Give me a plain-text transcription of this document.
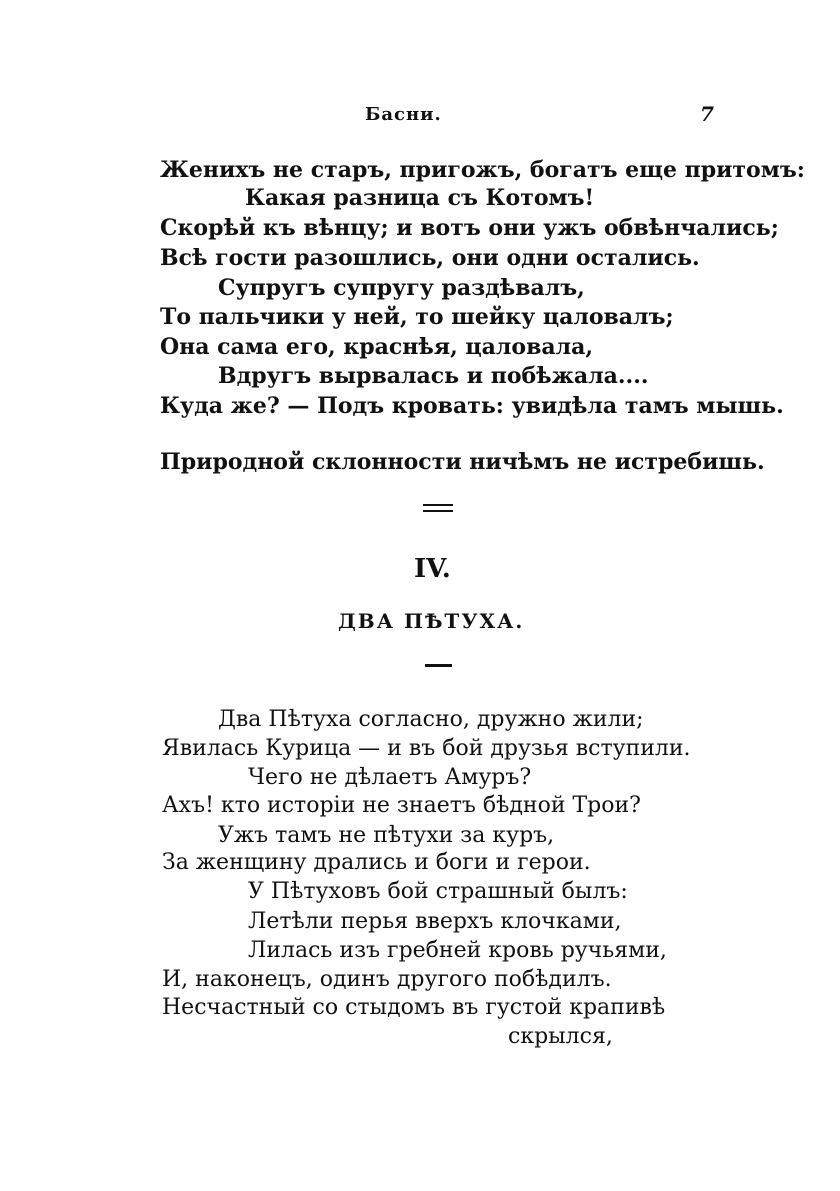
Басни.	7
Женихъ не старъ, пригожъ, богатъ еще притомъ:
Какая разница съ Котомъ!
Скорѣй къ вѣнцу; и вотъ они ужъ обвѣнчались;
Всѣ гости разошлись, они одни остались.
Супругъ супругу раздѣвалъ,
То пальчики у ней, то шейку цаловалъ;
Она сама его, краснѣя, цаловала,
Вдругъ вырвалась и побѣжала....
Куда же? — Подъ кровать: увидѣла тамъ мышь.
Природной склонности ничѣмъ не истребишь.
IV.
ДВА ПѢТУХА.
Два Пѣтуха согласно, дружно жили;
Явилась Курица — и въ бой друзья вступили.
Чего не дѣлаетъ Амуръ?
Ахъ! кто исторіи не знаетъ бѣдной Трои?
Ужъ тамъ не пѣтухи за куръ,
За женщину дрались и боги и герои.
У Пѣтуховъ бой страшный былъ:
Летѣли перья вверхъ клочками,
Лилась изъ гребней кровь ручьями,
И, наконецъ, одинъ другого побѣдилъ.
Несчастный со стыдомъ въ густой крапивѣ
скрылся,
